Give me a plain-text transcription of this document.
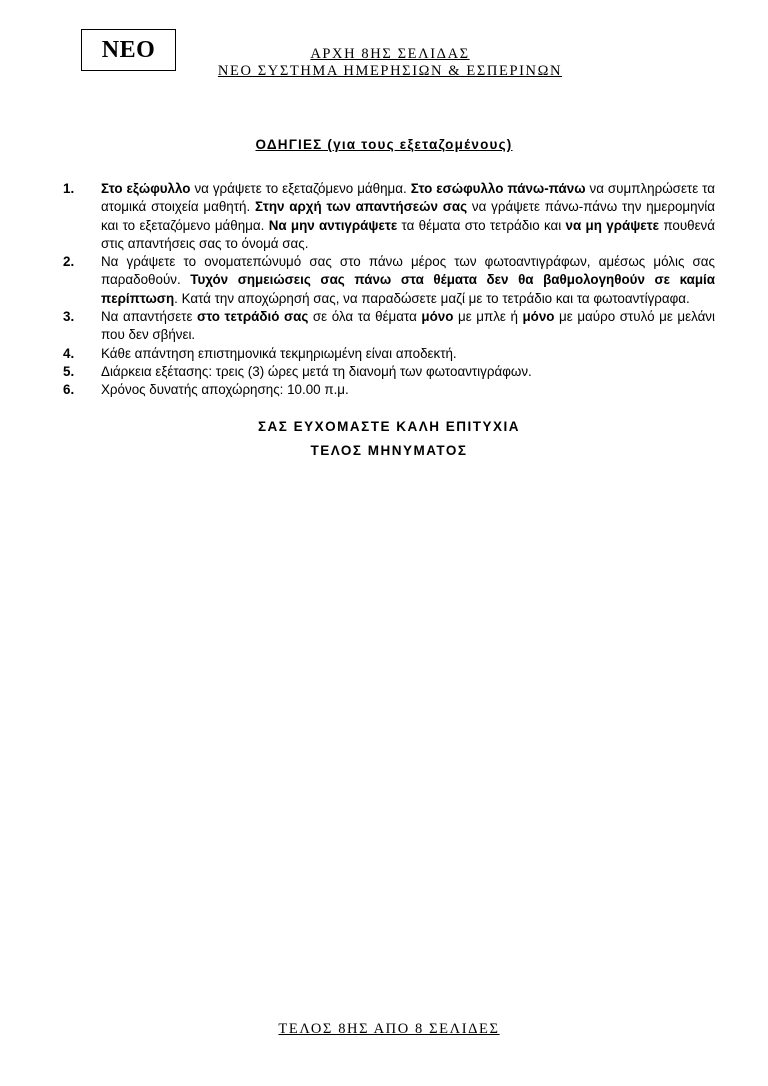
ΝΕΟ	ΑΡΧΗ 8ΗΣ ΣΕΛΙΔΑΣ
ΝΕΟ ΣΥΣΤΗΜΑ ΗΜΕΡΗΣΙΩΝ & ΕΣΠΕΡΙΝΩΝ
ΟΔΗΓΙΕΣ (για τους εξεταζομένους)
1.	Στο εξώφυλλο να γράψετε το εξεταζόμενο μάθημα. Στο εσώφυλλο πάνω-πάνω να συμπληρώσετε τα ατομικά στοιχεία μαθητή. Στην αρχή των απαντήσεών σας να γράψετε πάνω-πάνω την ημερομηνία και το εξεταζόμενο μάθημα. Να μην αντιγράψετε τα θέματα στο τετράδιο και να μη γράψετε πουθενά στις απαντήσεις σας το όνομά σας.
2.	Να γράψετε το ονοματεπώνυμό σας στο πάνω μέρος των φωτοαντιγράφων, αμέσως μόλις σας παραδοθούν. Τυχόν σημειώσεις σας πάνω στα θέματα δεν θα βαθμολογηθούν σε καμία περίπτωση. Κατά την αποχώρησή σας, να παραδώσετε μαζί με το τετράδιο και τα φωτοαντίγραφα.
3.	Να απαντήσετε στο τετράδιό σας σε όλα τα θέματα μόνο με μπλε ή μόνο με μαύρο στυλό με μελάνι που δεν σβήνει.
4.	Κάθε απάντηση επιστημονικά τεκμηριωμένη είναι αποδεκτή.
5.	Διάρκεια εξέτασης: τρεις (3) ώρες μετά τη διανομή των φωτοαντιγράφων.
6.	Χρόνος δυνατής αποχώρησης: 10.00 π.μ.
ΣΑΣ ΕΥΧΟΜΑΣΤΕ ΚΑΛΗ ΕΠΙΤΥΧΙΑ
ΤΕΛΟΣ ΜΗΝΥΜΑΤΟΣ
ΤΕΛΟΣ 8ΗΣ ΑΠΟ 8 ΣΕΛΙΔΕΣ
